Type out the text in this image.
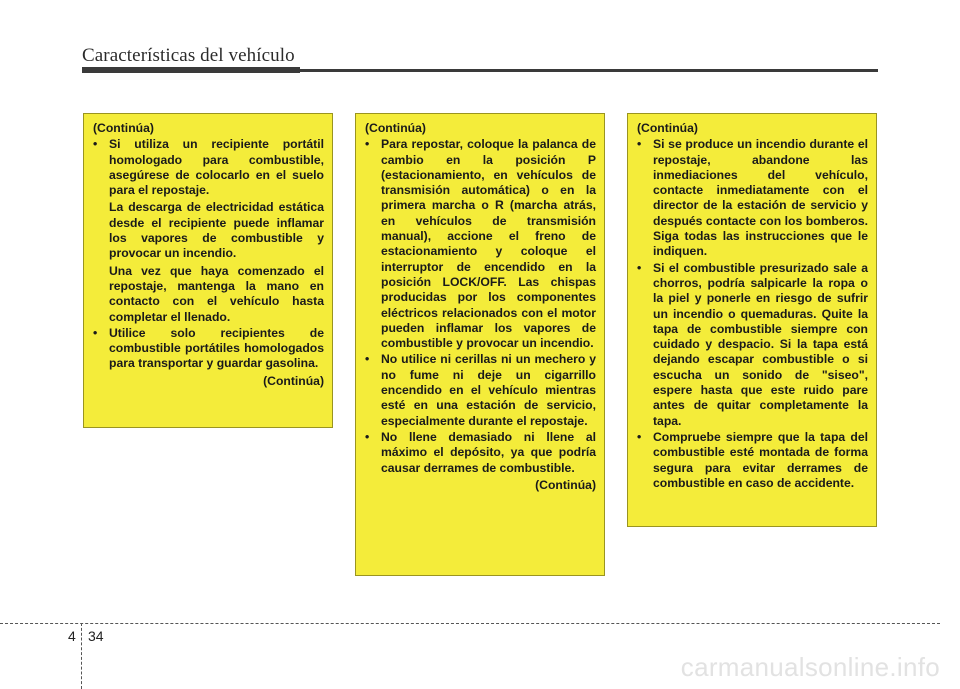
Características del vehículo
(Continúa)
• Si utiliza un recipiente portátil homologado para combustible, asegúrese de colocarlo en el suelo para el repostaje.
La descarga de electricidad estática desde el recipiente puede inflamar los vapores de combustible y provocar un incendio.
Una vez que haya comenzado el repostaje, mantenga la mano en contacto con el vehículo hasta completar el llenado.
• Utilice solo recipientes de combustible portátiles homologados para transportar y guardar gasolina.
(Continúa)
(Continúa)
• Para repostar, coloque la palanca de cambio en la posición P (estacionamiento, en vehículos de transmisión automática) o en la primera marcha o R (marcha atrás, en vehículos de transmisión manual), accione el freno de estacionamiento y coloque el interruptor de encendido en la posición LOCK/OFF. Las chispas producidas por los componentes eléctricos relacionados con el motor pueden inflamar los vapores de combustible y provocar un incendio.
• No utilice ni cerillas ni un mechero y no fume ni deje un cigarrillo encendido en el vehículo mientras esté en una estación de servicio, especialmente durante el repostaje.
• No llene demasiado ni llene al máximo el depósito, ya que podría causar derrames de combustible.
(Continúa)
(Continúa)
• Si se produce un incendio durante el repostaje, abandone las inmediaciones del vehículo, contacte inmediatamente con el director de la estación de servicio y después contacte con los bomberos. Siga todas las instrucciones que le indiquen.
• Si el combustible presurizado sale a chorros, podría salpicarle la ropa o la piel y ponerle en riesgo de sufrir un incendio o quemaduras. Quite la tapa de combustible siempre con cuidado y despacio. Si la tapa está dejando escapar combustible o si escucha un sonido de "siseo", espere hasta que este ruido pare antes de quitar completamente la tapa.
• Compruebe siempre que la tapa del combustible esté montada de forma segura para evitar derrames de combustible en caso de accidente.
4 34
carmanualsonline.info
